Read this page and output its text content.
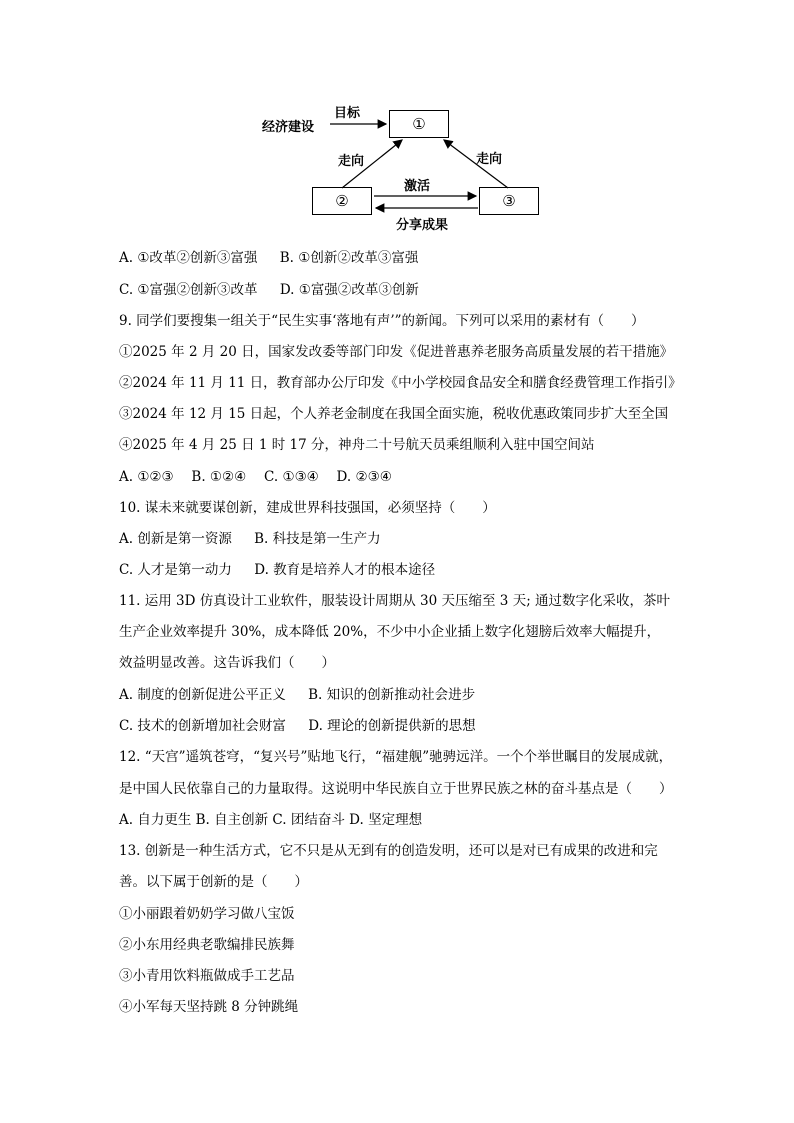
目标
经济建设	①
②	③
走向	走向
激活
分享成果
A. ①改革②创新③富强 B. ①创新②改革③富强
C. ①富强②创新③改革 D. ①富强②改革③创新
9. 同学们要搜集一组关于“民生实事‘落地有声’”的新闻。下列可以采用的素材有（　　）
①2025 年 2 月 20 日，国家发改委等部门印发《促进普惠养老服务高质量发展的若干措施》
②2024 年 11 月 11 日，教育部办公厅印发《中小学校园食品安全和膳食经费管理工作指引》
③2024 年 12 月 15 日起，个人养老金制度在我国全面实施，税收优惠政策同步扩大至全国
④2025 年 4 月 25 日 1 时 17 分，神舟二十号航天员乘组顺利入驻中国空间站
A. ①②③　 B. ①②④　 C. ①③④　 D. ②③④
10. 谋未来就要谋创新，建成世界科技强国，必须坚持（　　）
A. 创新是第一资源 B. 科技是第一生产力
C. 人才是第一动力 D. 教育是培养人才的根本途径
11. 运用 3D 仿真设计工业软件，服装设计周期从 30 天压缩至 3 天; 通过数字化采收，茶叶
生产企业效率提升 30%，成本降低 20%，不少中小企业插上数字化翅膀后效率大幅提升，
效益明显改善。这告诉我们（　　）
A. 制度的创新促进公平正义 B. 知识的创新推动社会进步
C. 技术的创新增加社会财富 D. 理论的创新提供新的思想
12. “天宫”遥筑苍穹，“复兴号”贴地飞行，“福建舰”驰骋远洋。一个个举世瞩目的发展成就，
是中国人民依靠自己的力量取得。这说明中华民族自立于世界民族之林的奋斗基点是（　　）
A. 自力更生 B. 自主创新 C. 团结奋斗 D. 坚定理想
13. 创新是一种生活方式，它不只是从无到有的创造发明，还可以是对已有成果的改进和完
善。以下属于创新的是（　　）
①小丽跟着奶奶学习做八宝饭
②小东用经典老歌编排民族舞
③小青用饮料瓶做成手工艺品
④小军每天坚持跳 8 分钟跳绳
